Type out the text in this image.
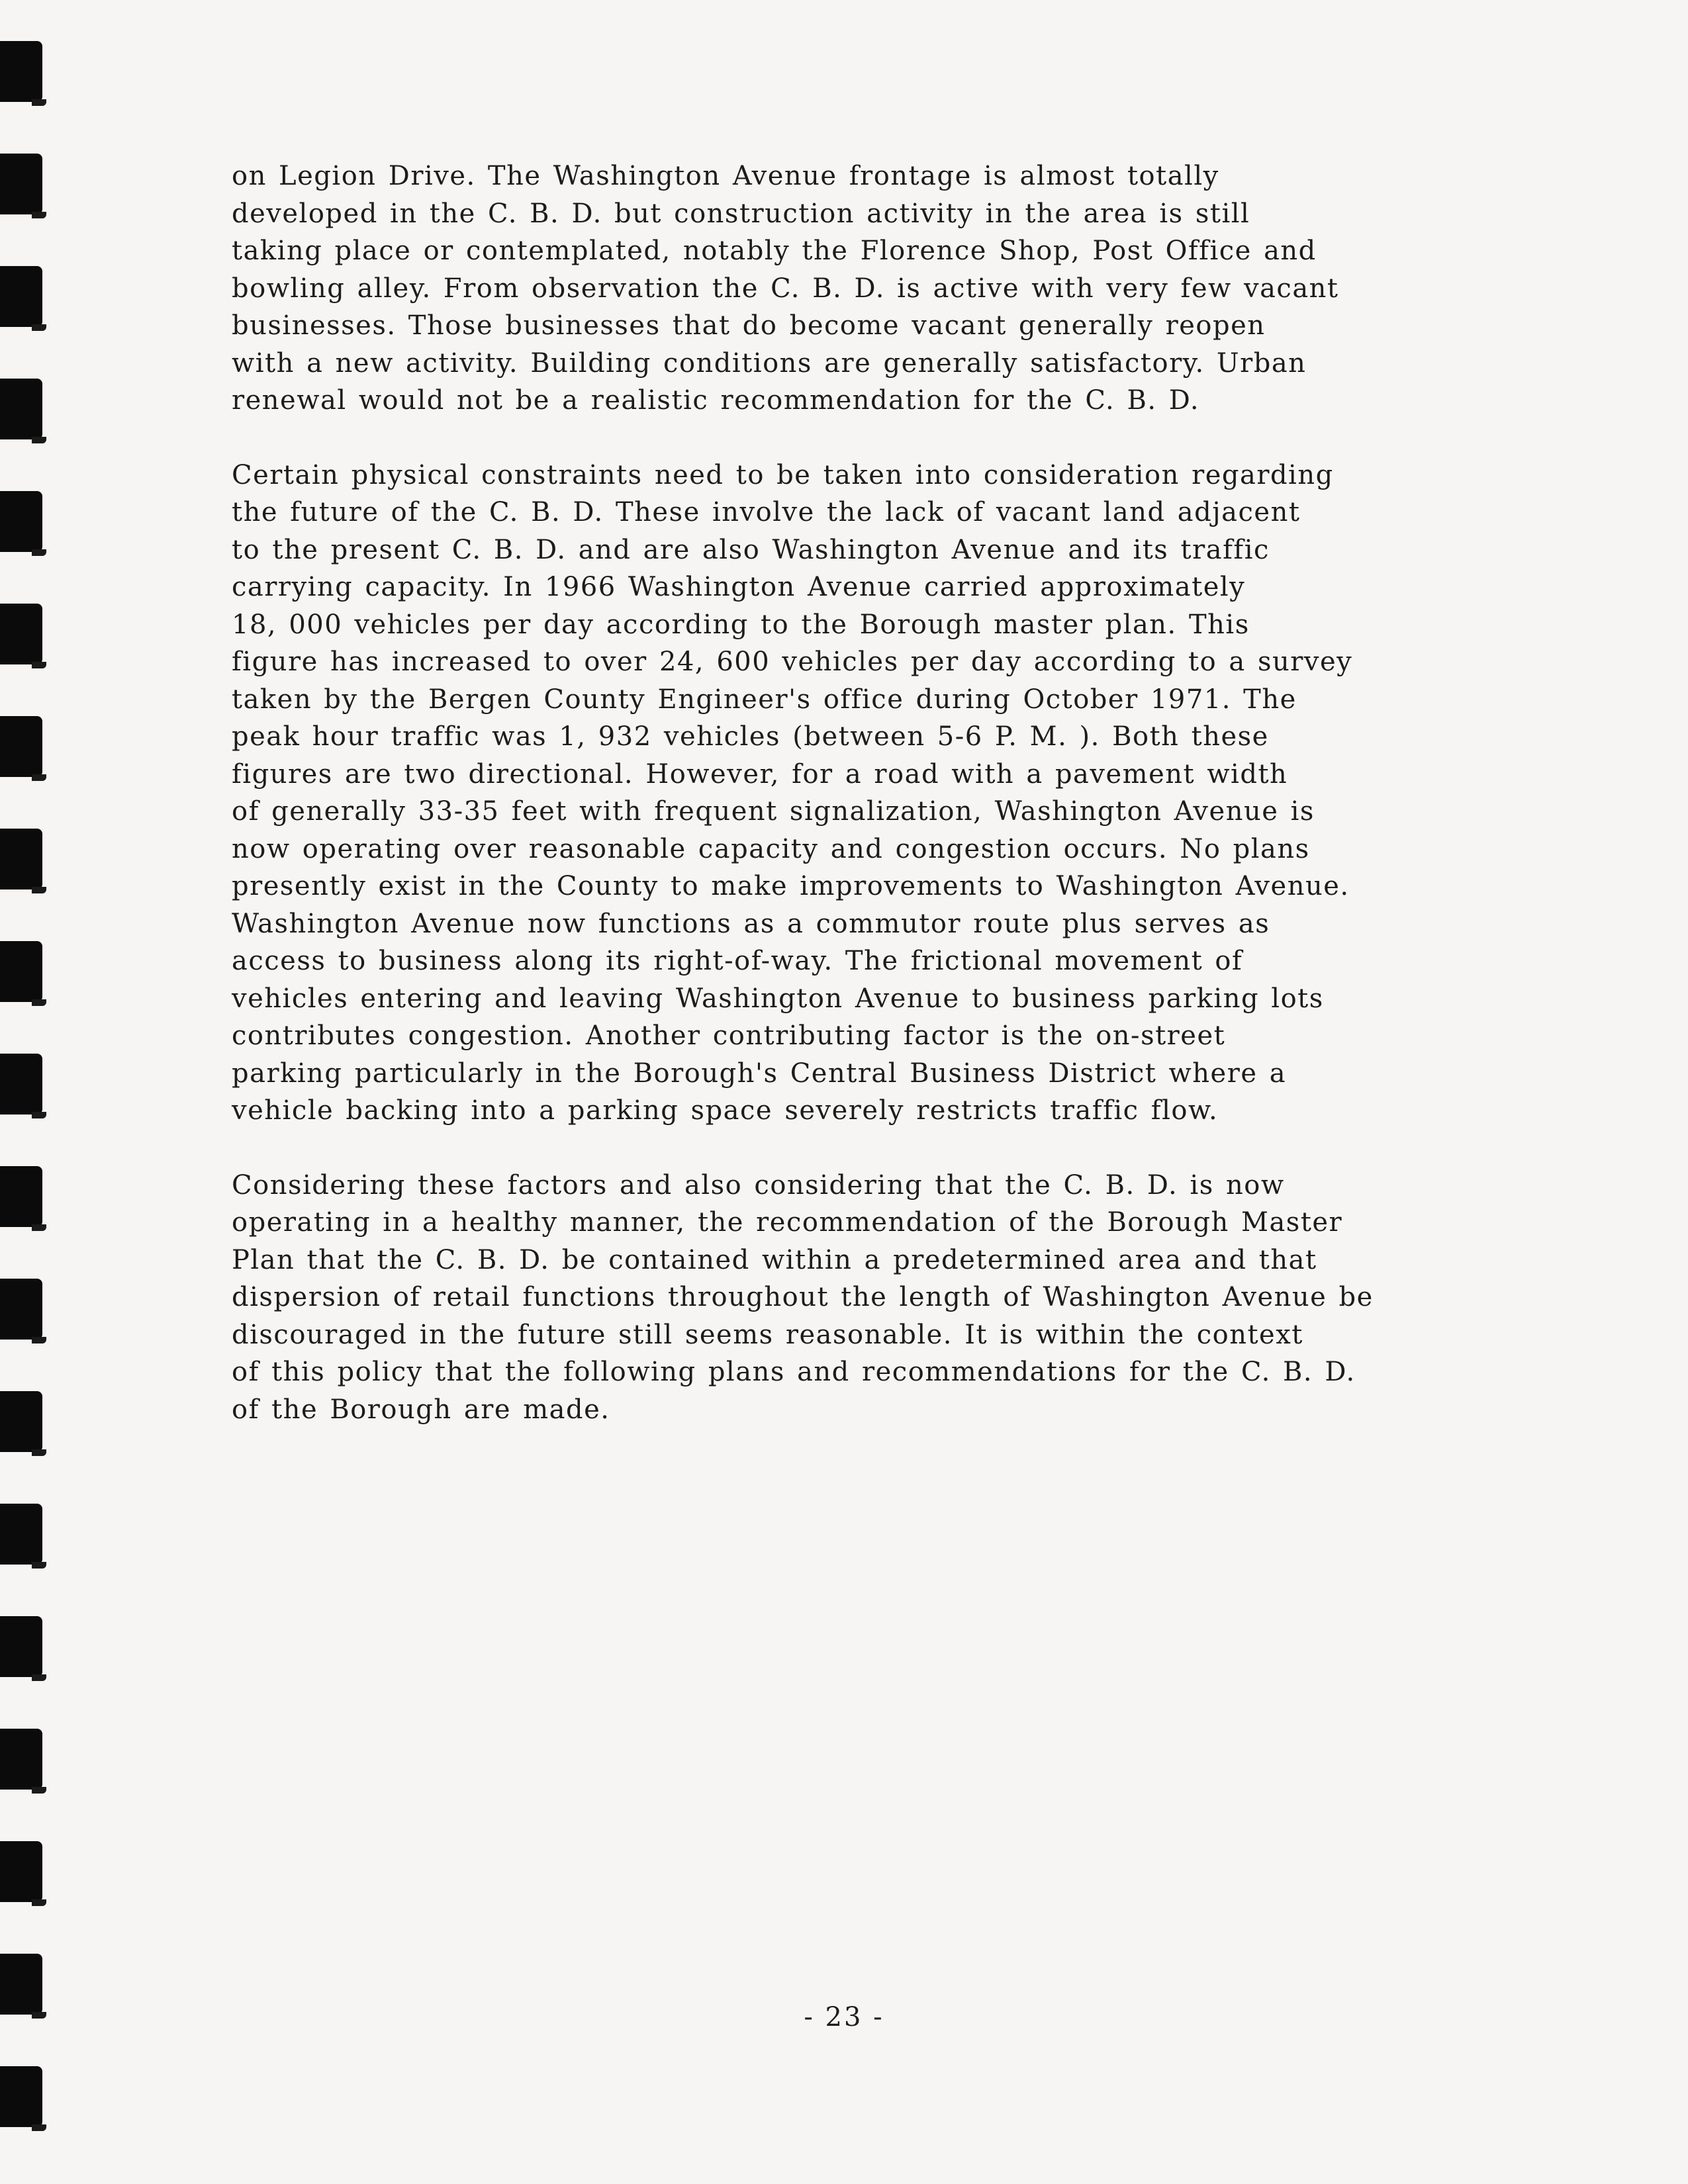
on Legion Drive. The Washington Avenue frontage is almost totally
developed in the C. B. D. but construction activity in the area is still
taking place or contemplated, notably the Florence Shop, Post Office and
bowling alley. From observation the C. B. D. is active with very few vacant
businesses. Those businesses that do become vacant generally reopen
with a new activity. Building conditions are generally satisfactory. Urban
renewal would not be a realistic recommendation for the C. B. D.

Certain physical constraints need to be taken into consideration regarding
the future of the C. B. D. These involve the lack of vacant land adjacent
to the present C. B. D. and are also Washington Avenue and its traffic
carrying capacity. In 1966 Washington Avenue carried approximately
18, 000 vehicles per day according to the Borough master plan. This
figure has increased to over 24, 600 vehicles per day according to a survey
taken by the Bergen County Engineer's office during October 1971. The
peak hour traffic was 1, 932 vehicles (between 5-6 P. M. ). Both these
figures are two directional. However, for a road with a pavement width
of generally 33-35 feet with frequent signalization, Washington Avenue is
now operating over reasonable capacity and congestion occurs. No plans
presently exist in the County to make improvements to Washington Avenue.
Washington Avenue now functions as a commutor route plus serves as
access to business along its right-of-way. The frictional movement of
vehicles entering and leaving Washington Avenue to business parking lots
contributes congestion. Another contributing factor is the on-street
parking particularly in the Borough's Central Business District where a
vehicle backing into a parking space severely restricts traffic flow.

Considering these factors and also considering that the C. B. D. is now
operating in a healthy manner, the recommendation of the Borough Master
Plan that the C. B. D. be contained within a predetermined area and that
dispersion of retail functions throughout the length of Washington Avenue be
discouraged in the future still seems reasonable. It is within the context
of this policy that the following plans and recommendations for the C. B. D.
of the Borough are made.

- 23 -
